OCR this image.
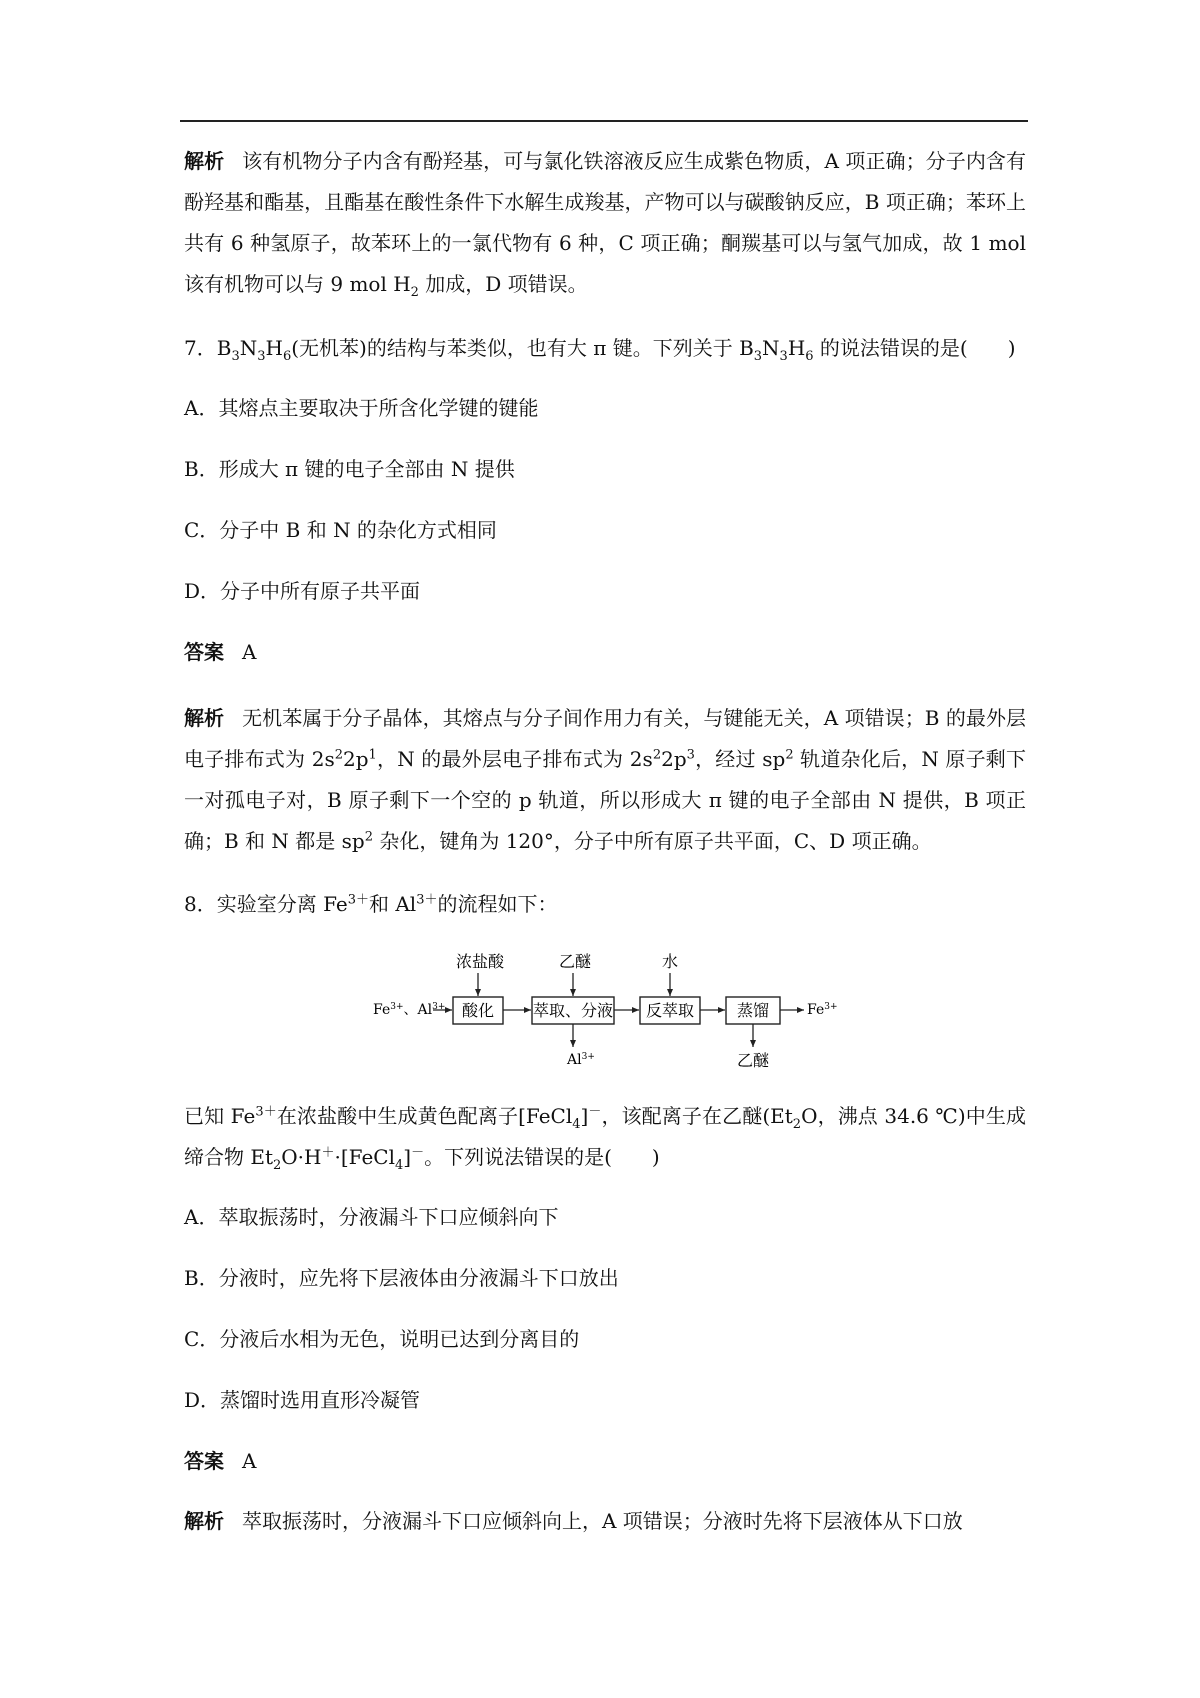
解析 该有机物分子内含有酚羟基，可与氯化铁溶液反应生成紫色物质，A 项正确；分子内含有酚羟基和酯基，且酯基在酸性条件下水解生成羧基，产物可以与碳酸钠反应，B 项正确；苯环上共有 6 种氢原子，故苯环上的一氯代物有 6 种，C 项正确；酮羰基可以与氢气加成，故 1 mol 该有机物可以与 9 mol $H_2$ 加成，D 项错误。
7．$B_3N_3H_6$(无机苯)的结构与苯类似，也有大 π 键。下列关于 $B_3N_3H_6$ 的说法错误的是(　　)
A．其熔点主要取决于所含化学键的键能
B．形成大 π 键的电子全部由 N 提供
C．分子中 B 和 N 的杂化方式相同
D．分子中所有原子共平面
答案 A
解析 无机苯属于分子晶体，其熔点与分子间作用力有关，与键能无关，A 项错误；B 的最外层电子排布式为 $2s^22p^1$，N 的最外层电子排布式为 $2s^22p^3$，经过 $sp^2$ 轨道杂化后，N 原子剩下一对孤电子对，B 原子剩下一个空的 p 轨道，所以形成大 π 键的电子全部由 N 提供，B 项正确；B 和 N 都是 $sp^2$ 杂化，键角为 120°，分子中所有原子共平面，C、D 项正确。
8．实验室分离 $Fe^{3+}$和 $Al^{3+}$的流程如下：
$Fe^{3+}$、$Al^{3+}$ 酸化 萃取、分液 反萃取	蒸馏
浓盐酸	乙醚	水
$Al^{3+}$	乙醚
$Fe^{3+}$
已知 $Fe^{3+}$在浓盐酸中生成黄色配离子[FeCl$_4$]－，该配离子在乙醚($Et_2O$，沸点 34.6 ℃)中生成缔合物 $Et_2O\cdot H^+\cdot[FeCl_4]^-$。下列说法错误的是(　　)
A．萃取振荡时，分液漏斗下口应倾斜向下
B．分液时，应先将下层液体由分液漏斗下口放出
C．分液后水相为无色，说明已达到分离目的
D．蒸馏时选用直形冷凝管
答案 A
解析 萃取振荡时，分液漏斗下口应倾斜向上，A 项错误；分液时先将下层液体从下口放
